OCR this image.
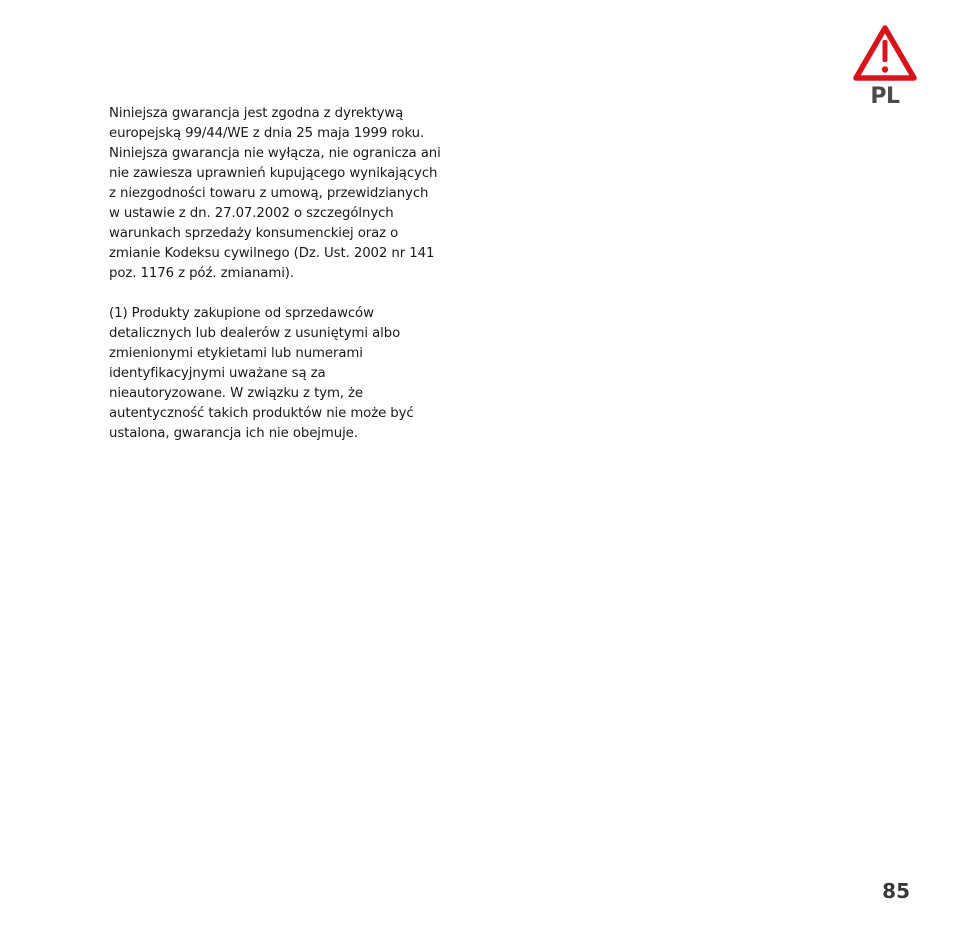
PL

Niniejsza gwarancja jest zgodna z dyrektywą
europejską 99/44/WE z dnia 25 maja 1999 roku.
Niniejsza gwarancja nie wyłącza, nie ogranicza ani
nie zawiesza uprawnień kupującego wynikających
z niezgodności towaru z umową, przewidzianych
w ustawie z dn. 27.07.2002 o szczególnych
warunkach sprzedaży konsumenckiej oraz o
zmianie Kodeksu cywilnego (Dz. Ust. 2002 nr 141
poz. 1176 z póź. zmianami).

(1) Produkty zakupione od sprzedawców
detalicznych lub dealerów z usuniętymi albo
zmienionymi etykietami lub numerami
identyfikacyjnymi uważane są za
nieautoryzowane. W związku z tym, że
autentyczność takich produktów nie może być
ustalona, gwarancja ich nie obejmuje.

85
